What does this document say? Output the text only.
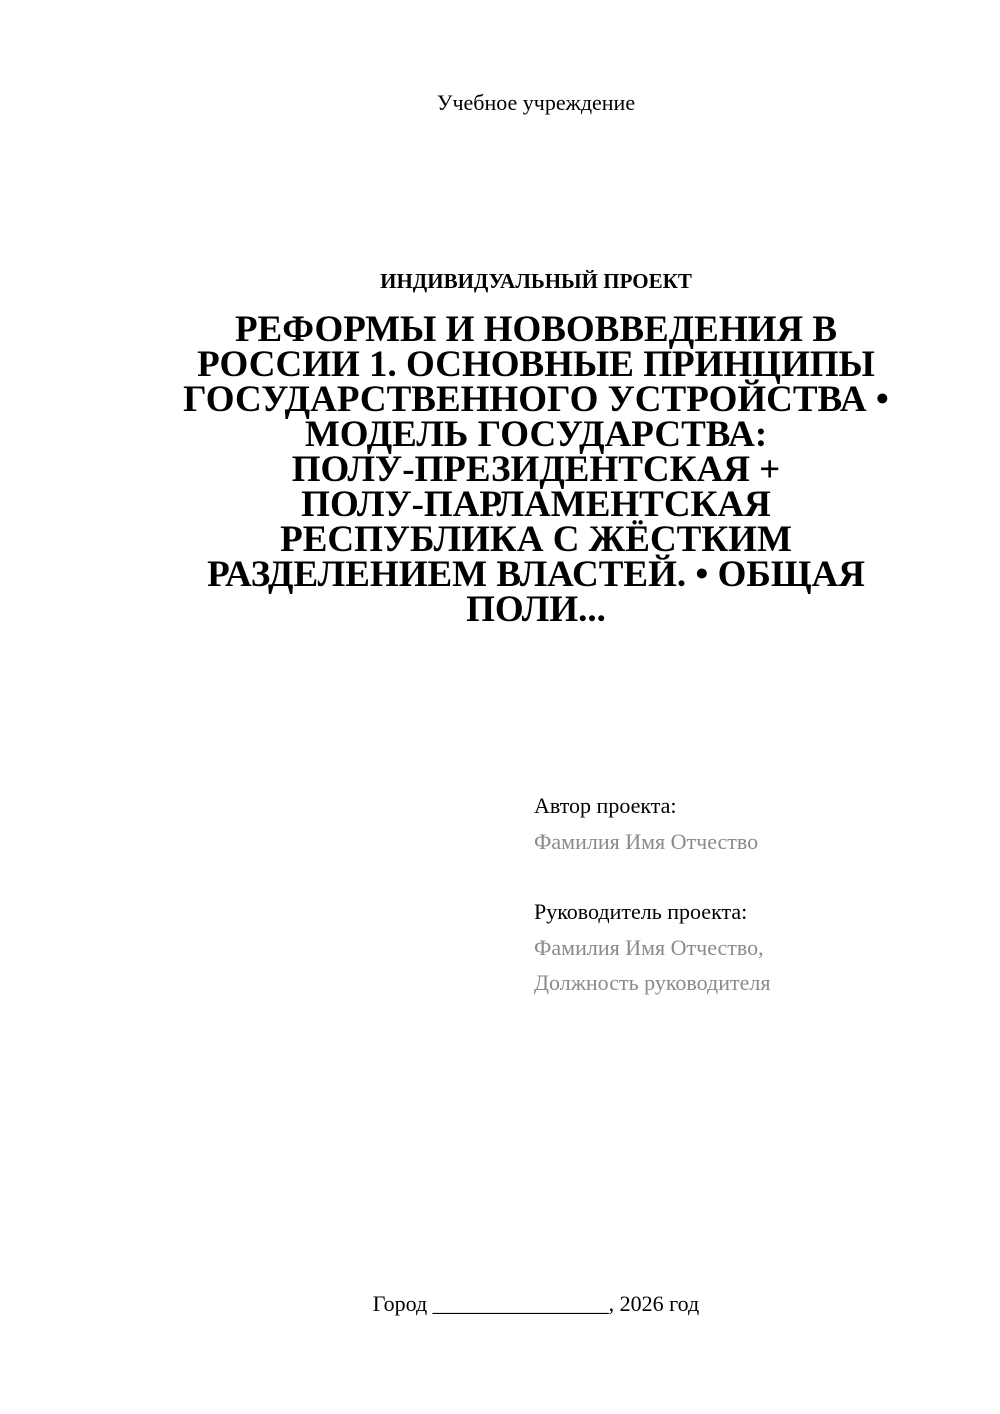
Учебное учреждение
ИНДИВИДУАЛЬНЫЙ ПРОЕКТ
РЕФОРМЫ И НОВОВВЕДЕНИЯ В
РОССИИ 1. ОСНОВНЫЕ ПРИНЦИПЫ
ГОСУДАРСТВЕННОГО УСТРОЙСТВА •
МОДЕЛЬ ГОСУДАРСТВА:
ПОЛУ-ПРЕЗИДЕНТСКАЯ +
ПОЛУ-ПАРЛАМЕНТСКАЯ
РЕСПУБЛИКА С ЖЁСТКИМ
РАЗДЕЛЕНИЕМ ВЛАСТЕЙ. • ОБЩАЯ
ПОЛИ...
Автор проекта:
Фамилия Имя Отчество
Руководитель проекта:
Фамилия Имя Отчество,
Должность руководителя
Город ________________, 2026 год
